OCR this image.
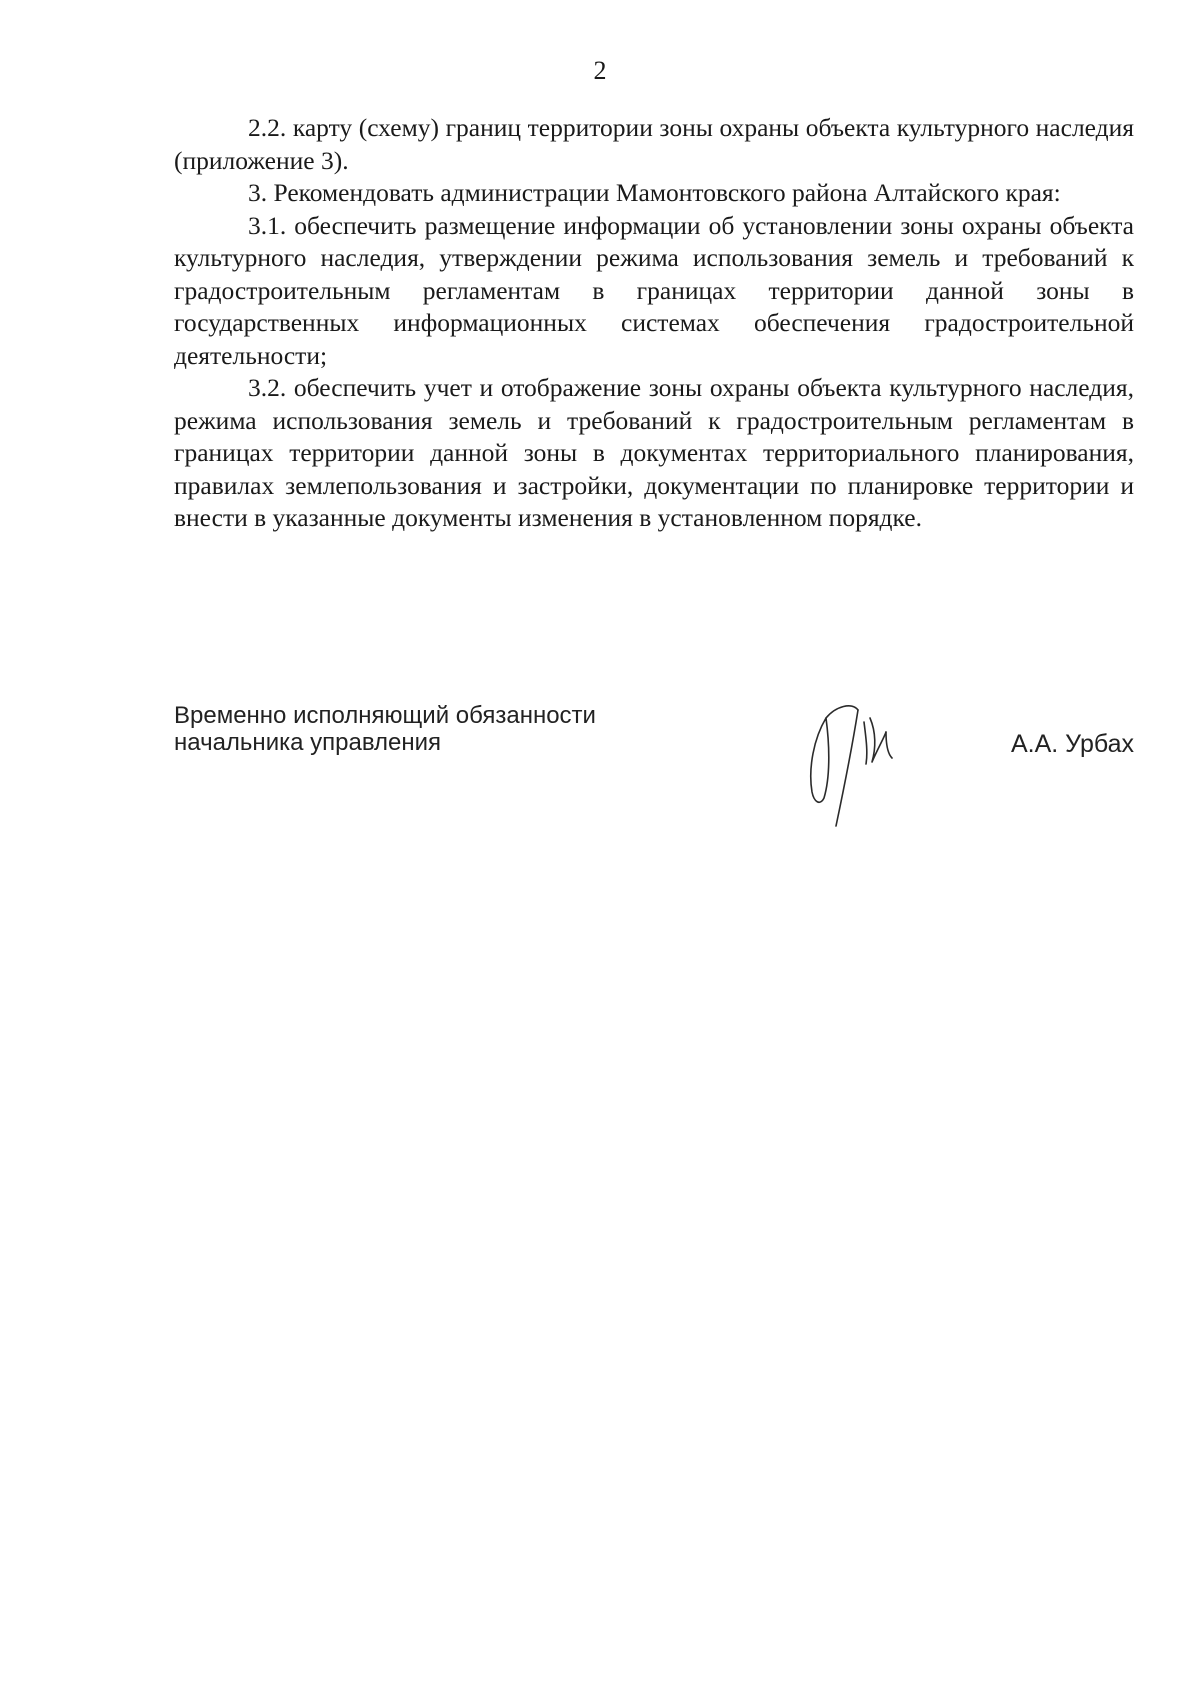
2

2.2. карту (схему) границ территории зоны охраны объекта культурного наследия (приложение 3).

3. Рекомендовать администрации Мамонтовского района Алтайского края:

3.1. обеспечить размещение информации об установлении зоны охраны объекта культурного наследия, утверждении режима использования земель и требований к градостроительным регламентам в границах территории данной зоны в государственных информационных системах обеспечения градостроительной деятельности;

3.2. обеспечить учет и отображение зоны охраны объекта культурного наследия, режима использования земель и требований к градостроительным регламентам в границах территории данной зоны в документах территориального планирования, правилах землепользования и застройки, документации по планировке территории и внести в указанные документы изменения в установленном порядке.

Временно исполняющий обязанности
начальника управления	А.А. Урбах
